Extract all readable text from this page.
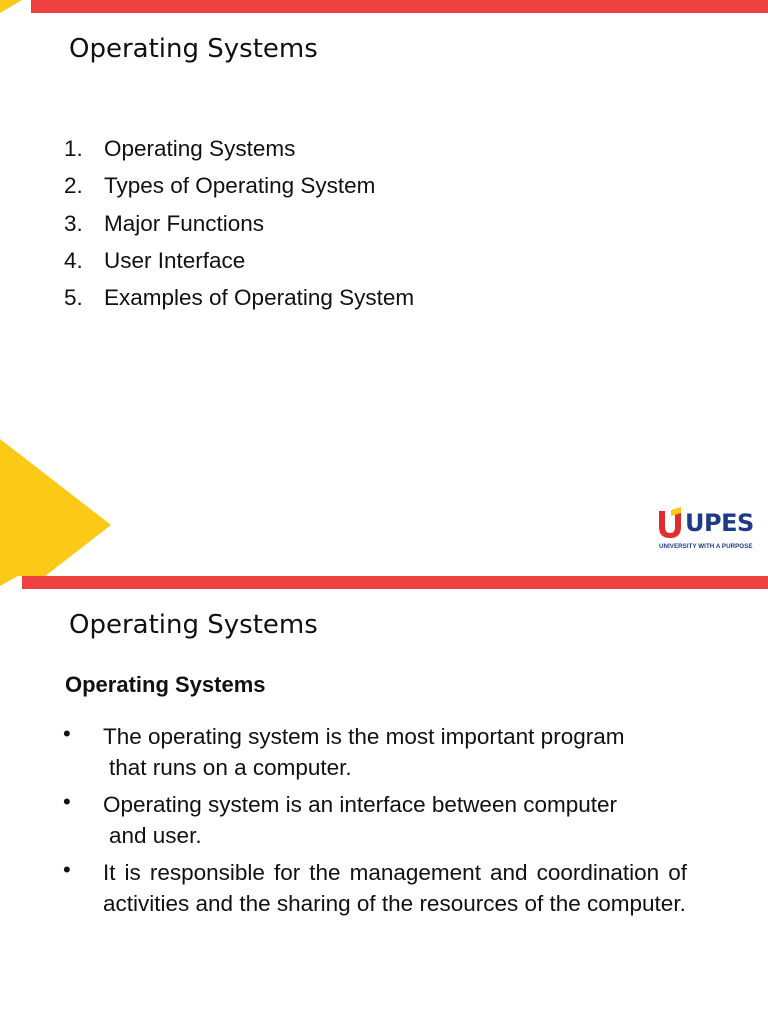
Operating Systems
1. Operating Systems
2. Types of Operating System
3. Major Functions
4. User Interface
5. Examples of Operating System
UPES
UNIVERSITY WITH A PURPOSE
Operating Systems
Operating Systems
• The operating system is the most important program
that runs on a computer.
• Operating system is an interface between computer
and user.
• It is responsible for the management and coordination of activities and the sharing of the resources of the computer.
